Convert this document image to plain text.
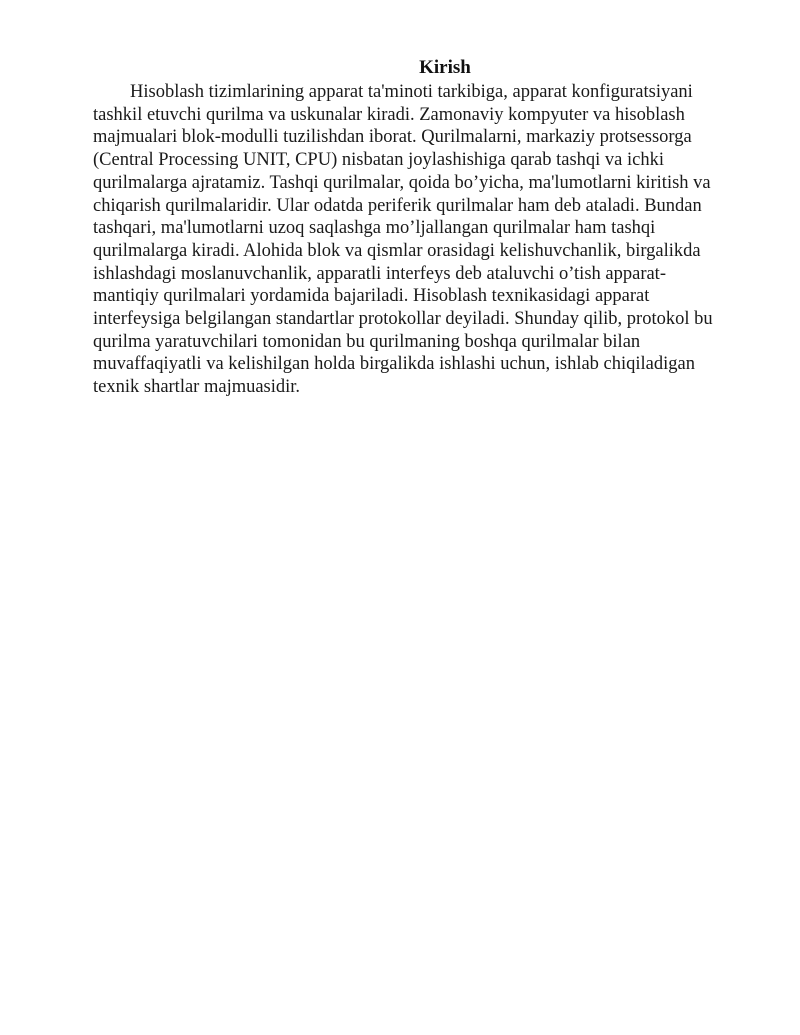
Kirish

Hisoblash tizimlarining apparat ta'minoti tarkibiga, apparat konfiguratsiyani
tashkil etuvchi qurilma va uskunalar kiradi. Zamonaviy kompyuter va hisoblash
majmualari blok-modulli tuzilishdan iborat. Qurilmalarni, markaziy protsessorga
(Central Processing UNIT, CPU) nisbatan joylashishiga qarab tashqi va ichki
qurilmalarga ajratamiz. Tashqi qurilmalar, qoida bo’yicha, ma'lumotlarni kiritish va
chiqarish qurilmalaridir. Ular odatda periferik qurilmalar ham deb ataladi. Bundan
tashqari, ma'lumotlarni uzoq saqlashga mo’ljallangan qurilmalar ham tashqi
qurilmalarga kiradi. Alohida blok va qismlar orasidagi kelishuvchanlik, birgalikda
ishlashdagi moslanuvchanlik, apparatli interfeys deb ataluvchi o’tish apparat-
mantiqiy qurilmalari yordamida bajariladi. Hisoblash texnikasidagi apparat
interfeysiga belgilangan standartlar protokollar deyiladi. Shunday qilib, protokol bu
qurilma yaratuvchilari tomonidan bu qurilmaning boshqa qurilmalar bilan
muvaffaqiyatli va kelishilgan holda birgalikda ishlashi uchun, ishlab chiqiladigan
texnik shartlar majmuasidir.
